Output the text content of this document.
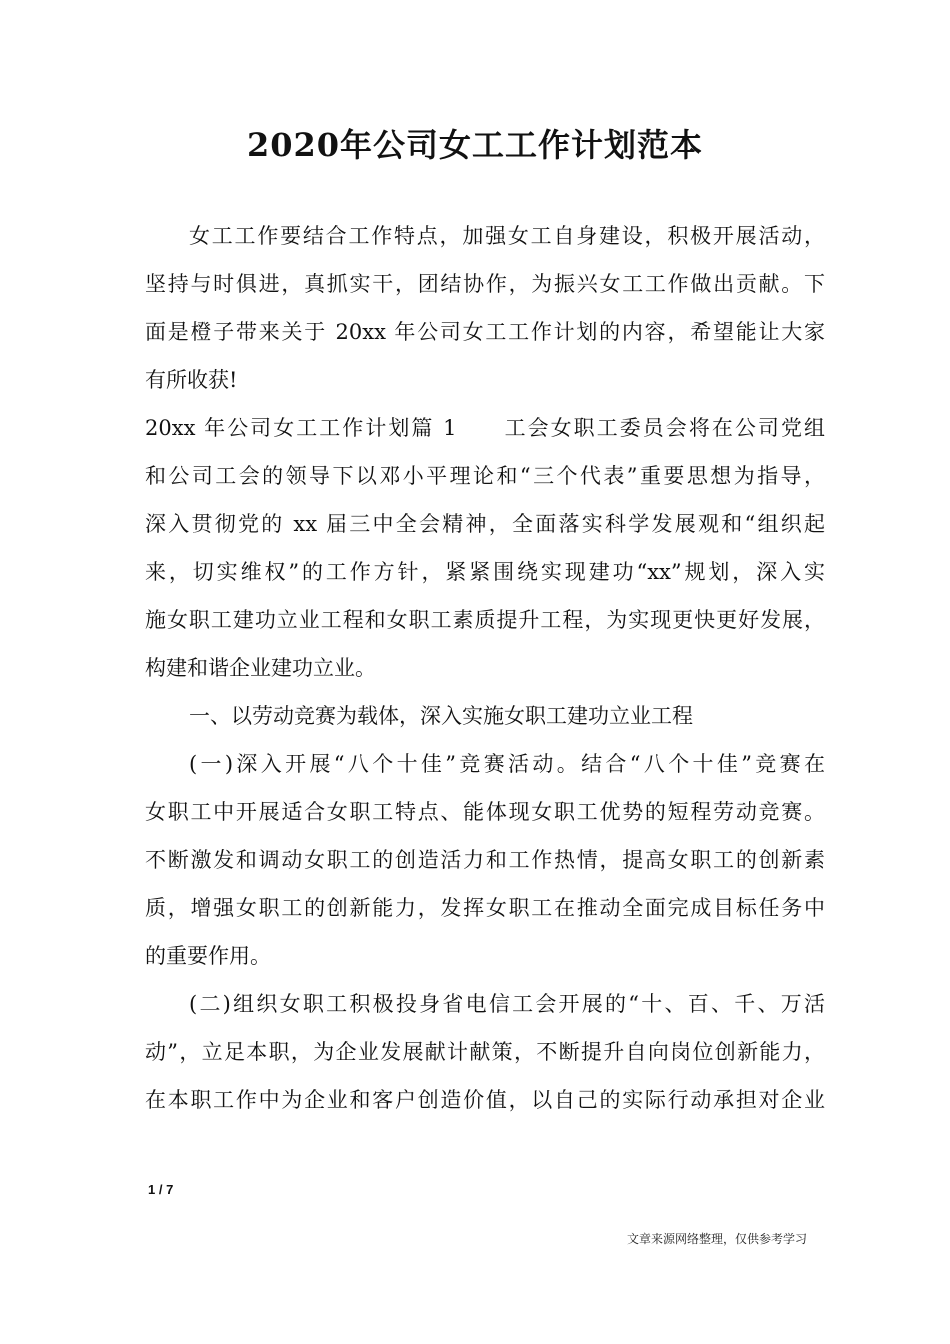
2020年公司女工工作计划范本
女工工作要结合工作特点，加强女工自身建设，积极开展活动，
坚持与时俱进，真抓实干，团结协作，为振兴女工工作做出贡献。下
面是橙子带来关于 20xx 年公司女工工作计划的内容，希望能让大家
有所收获!
20xx 年公司女工工作计划篇 1　　工会女职工委员会将在公司党组
和公司工会的领导下以邓小平理论和“三个代表”重要思想为指导，
深入贯彻党的 xx 届三中全会精神，全面落实科学发展观和“组织起
来，切实维权”的工作方针，紧紧围绕实现建功“xx”规划，深入实
施女职工建功立业工程和女职工素质提升工程，为实现更快更好发展，
构建和谐企业建功立业。
一、以劳动竞赛为载体，深入实施女职工建功立业工程
(一)深入开展“八个十佳”竞赛活动。结合“八个十佳”竞赛在
女职工中开展适合女职工特点、能体现女职工优势的短程劳动竞赛。
不断激发和调动女职工的创造活力和工作热情，提高女职工的创新素
质，增强女职工的创新能力，发挥女职工在推动全面完成目标任务中
的重要作用。
(二)组织女职工积极投身省电信工会开展的“十、百、千、万活
动”，立足本职，为企业发展献计献策，不断提升自向岗位创新能力，
在本职工作中为企业和客户创造价值，以自己的实际行动承担对企业
1 / 7
文章来源网络整理，仅供参考学习
